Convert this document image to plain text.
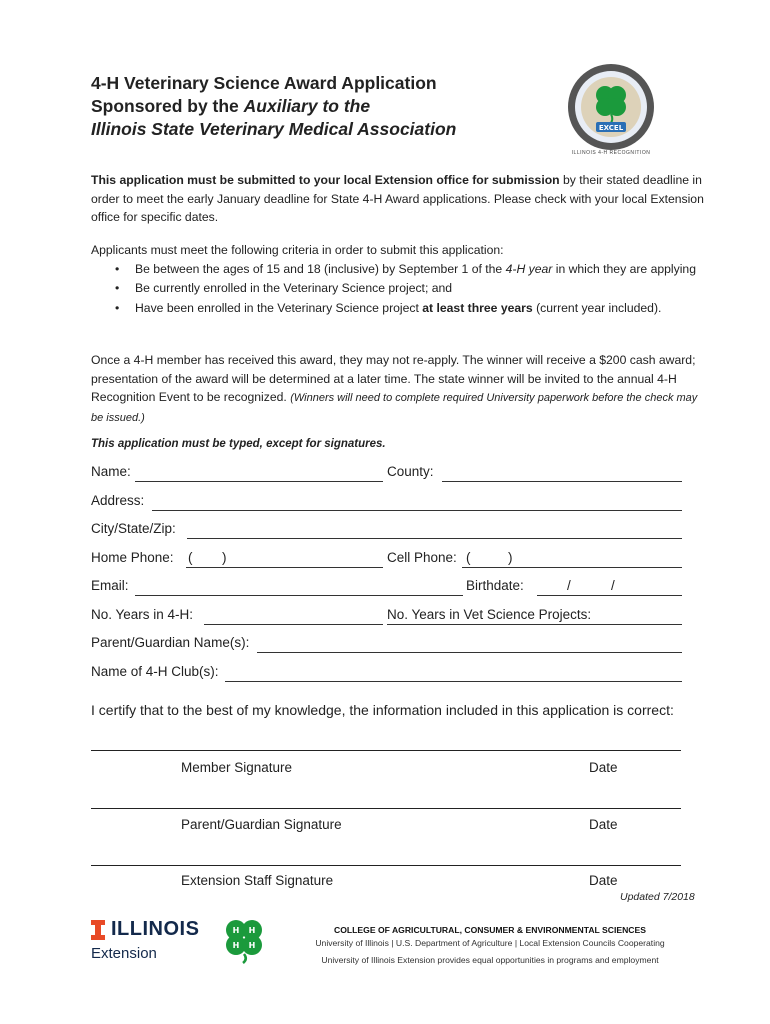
4-H Veterinary Science Award Application
Sponsored by the Auxiliary to the
Illinois State Veterinary Medical Association	EXCEL
ILLINOIS 4-H RECOGNITION
This application must be submitted to your local Extension office for submission by their stated deadline in order to meet the early January deadline for State 4-H Award applications. Please check with your local Extension office for specific dates.
Applicants must meet the following criteria in order to submit this application:
• Be between the ages of 15 and 18 (inclusive) by September 1 of the 4-H year in which they are applying
• Be currently enrolled in the Veterinary Science project; and
• Have been enrolled in the Veterinary Science project at least three years (current year included).
Once a 4-H member has received this award, they may not re-apply. The winner will receive a $200 cash award; presentation of the award will be determined at a later time. The state winner will be invited to the annual 4-H Recognition Event to be recognized. (Winners will need to complete required University paperwork before the check may be issued.)
This application must be typed, except for signatures.
Name:	County:
Address:
City/State/Zip:
Home Phone: ( )	Cell Phone: (	)
Email:	Birthdate:	/	/
No. Years in 4-H:	No. Years in Vet Science Projects:
Parent/Guardian Name(s):
Name of 4-H Club(s):
I certify that to the best of my knowledge, the information included in this application is correct:
Member Signature	Date
Parent/Guardian Signature	Date
Extension Staff Signature	Date
Updated 7/2018
ILLINOIS
Extension
H H
H H
COLLEGE OF AGRICULTURAL, CONSUMER & ENVIRONMENTAL SCIENCES
University of Illinois | U.S. Department of Agriculture | Local Extension Councils Cooperating
University of Illinois Extension provides equal opportunities in programs and employment
